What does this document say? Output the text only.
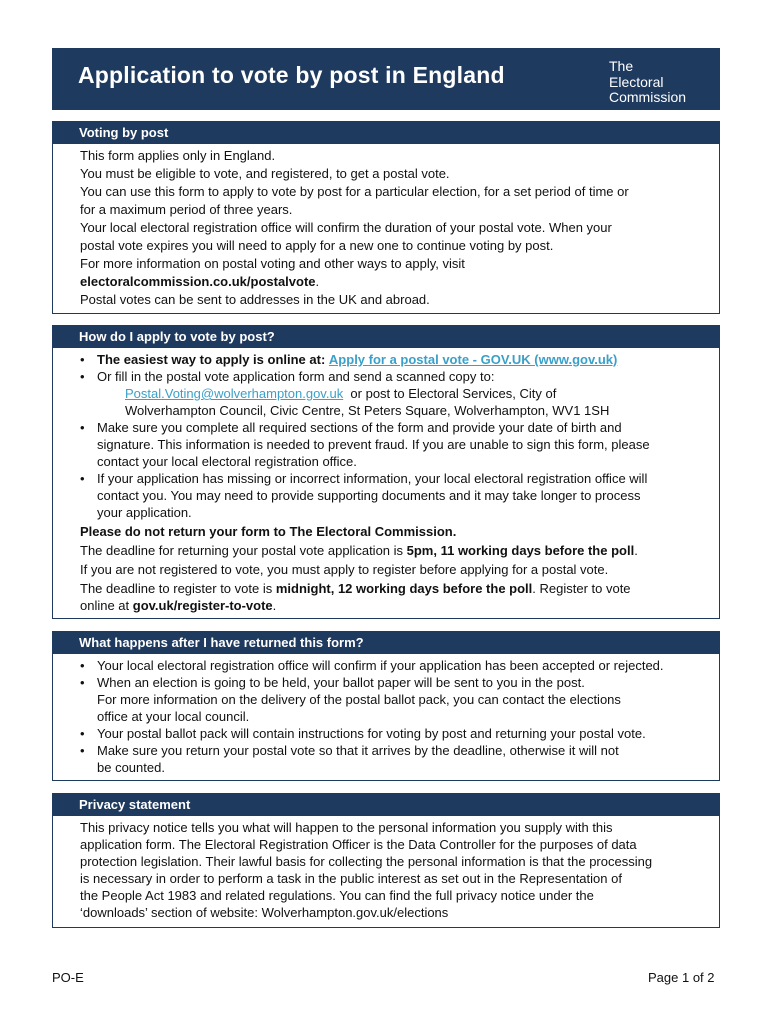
Application to vote by post in England	The
Electoral
Commission
Voting by post

This form applies only in England.

You must be eligible to vote, and registered, to get a postal vote.

You can use this form to apply to vote by post for a particular election, for a set period of time or

for a maximum period of three years.

Your local electoral registration office will confirm the duration of your postal vote. When your

postal vote expires you will need to apply for a new one to continue voting by post.

For more information on postal voting and other ways to apply, visit

electoralcommission.co.uk/postalvote.

Postal votes can be sent to addresses in the UK and abroad.

How do I apply to vote by post?
• The easiest way to apply is online at: Apply for a postal vote - GOV.UK (www.gov.uk)
• Or fill in the postal vote application form and send a scanned copy to:
Postal.Voting@wolverhampton.gov.uk  or post to Electoral Services, City of
Wolverhampton Council, Civic Centre, St Peters Square, Wolverhampton, WV1 1SH
• Make sure you complete all required sections of the form and provide your date of birth and
signature. This information is needed to prevent fraud. If you are unable to sign this form, please
contact your local electoral registration office.
• If your application has missing or incorrect information, your local electoral registration office will
contact you. You may need to provide supporting documents and it may take longer to process
your application.

Please do not return your form to The Electoral Commission.

The deadline for returning your postal vote application is 5pm, 11 working days before the poll.

If you are not registered to vote, you must apply to register before applying for a postal vote.

The deadline to register to vote is midnight, 12 working days before the poll. Register to vote

online at gov.uk/register-to-vote.

What happens after I have returned this form?
• Your local electoral registration office will confirm if your application has been accepted or rejected.
• When an election is going to be held, your ballot paper will be sent to you in the post.
For more information on the delivery of the postal ballot pack, you can contact the elections
office at your local council.
• Your postal ballot pack will contain instructions for voting by post and returning your postal vote.
• Make sure you return your postal vote so that it arrives by the deadline, otherwise it will not
be counted.
Privacy statement

This privacy notice tells you what will happen to the personal information you supply with this

application form. The Electoral Registration Officer is the Data Controller for the purposes of data

protection legislation. Their lawful basis for collecting the personal information is that the processing

is necessary in order to perform a task in the public interest as set out in the Representation of

the People Act 1983 and related regulations. You can find the full privacy notice under the

‘downloads’ section of website: Wolverhampton.gov.uk/elections

PO-E	Page 1 of 2
